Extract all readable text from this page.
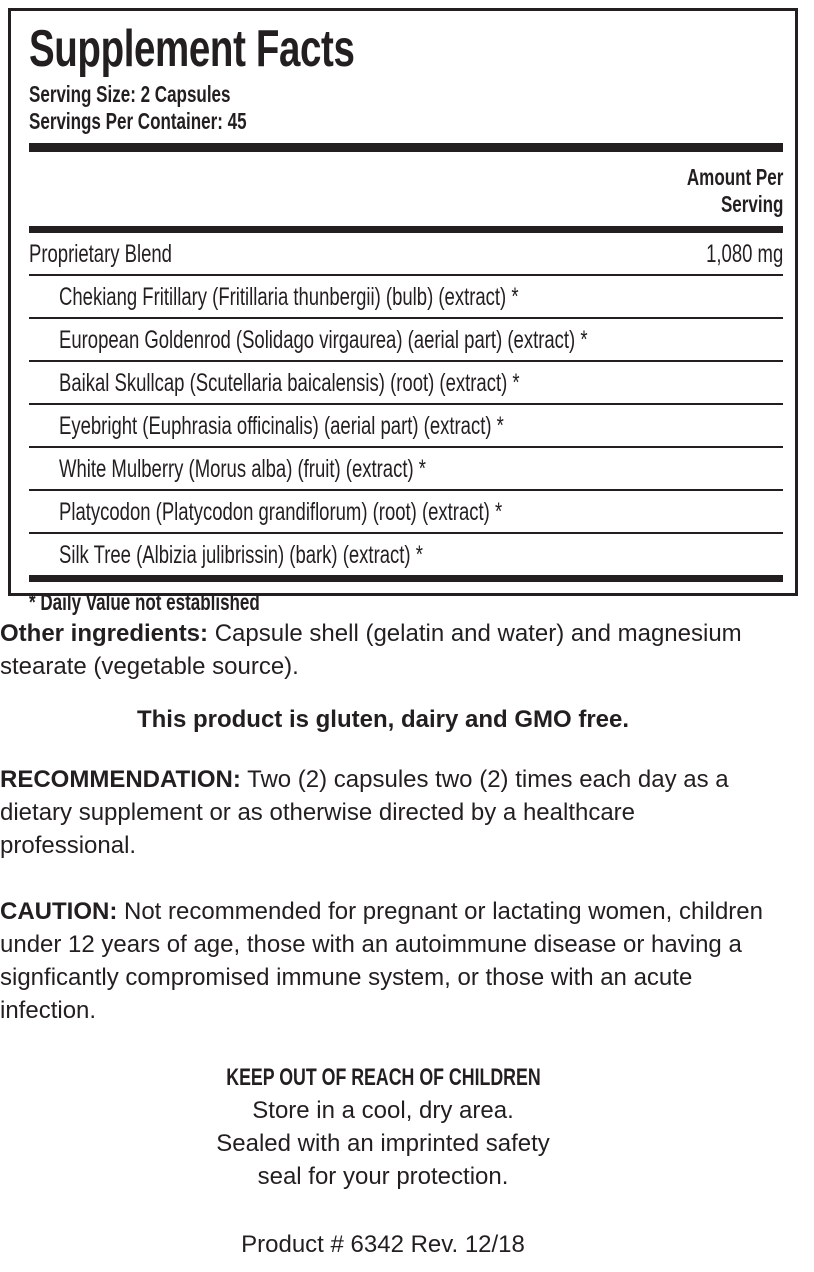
Supplement Facts
Serving Size: 2 Capsules
Servings Per Container: 45
Amount Per
Serving
Proprietary Blend	1,080 mg
Chekiang Fritillary (Fritillaria thunbergii) (bulb) (extract) *
European Goldenrod (Solidago virgaurea) (aerial part) (extract) *
Baikal Skullcap (Scutellaria baicalensis) (root) (extract) *
Eyebright (Euphrasia officinalis) (aerial part) (extract) *
White Mulberry (Morus alba) (fruit) (extract) *
Platycodon (Platycodon grandiflorum) (root) (extract) *
Silk Tree (Albizia julibrissin) (bark) (extract) *
* Daily Value not established
Other ingredients: Capsule shell (gelatin and water) and magnesium stearate (vegetable source).
This product is gluten, dairy and GMO free.
RECOMMENDATION: Two (2) capsules two (2) times each day as a dietary supplement or as otherwise directed by a healthcare professional.
CAUTION: Not recommended for pregnant or lactating women, children under 12 years of age, those with an autoimmune disease or having a signficantly compromised immune system, or those with an acute infection.
KEEP OUT OF REACH OF CHILDREN
Store in a cool, dry area.
Sealed with an imprinted safety
seal for your protection.
Product # 6342 Rev. 12/18
